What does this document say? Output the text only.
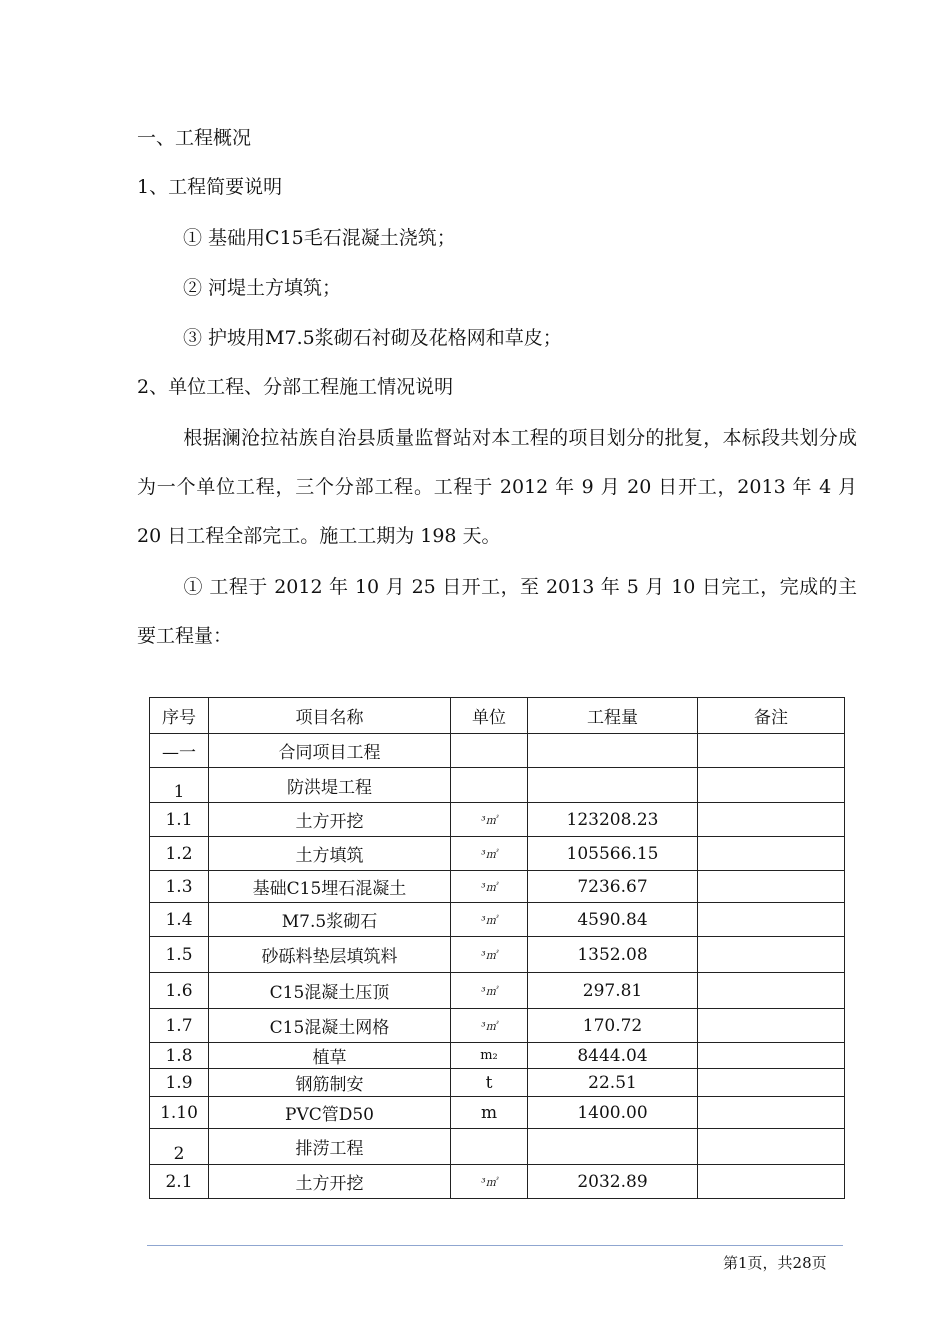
一、工程概况
1、工程简要说明
① 基础用C15毛石混凝土浇筑；
② 河堤土方填筑；
③ 护坡用M7.5浆砌石衬砌及花格网和草皮；
2、单位工程、分部工程施工情况说明
根据澜沧拉祜族自治县质量监督站对本工程的项目划分的批复，本标段共划分成为一个单位工程，三个分部工程。工程于 2012 年 9 月 20 日开工，2013 年 4 月 20 日工程全部完工。施工工期为 198 天。
① 工程于 2012 年 10 月 25 日开工，至 2013 年 5 月 10 日完工，完成的主要工程量：
序号	项目名称	单位	工程量	备注
—一	合同项目工程			
1	防洪堤工程			
1.1	土方开挖	³㎥	123208.23	
1.2	土方填筑	³㎥	105566.15	
1.3	基础C15埋石混凝土	³㎥	7236.67	
1.4	M7.5浆砌石	³㎥	4590.84	
1.5	砂砾料垫层填筑料	³㎥	1352.08	
1.6	C15混凝土压顶	³㎥	297.81	
1.7	C15混凝土网格	³㎥	170.72	
1.8	植草	m₂	8444.04	
1.9	钢筋制安	t	22.51	
1.10	PVC管D50	m	1400.00	
2	排涝工程			
2.1	土方开挖	³㎥	2032.89	
第1页，共28页
